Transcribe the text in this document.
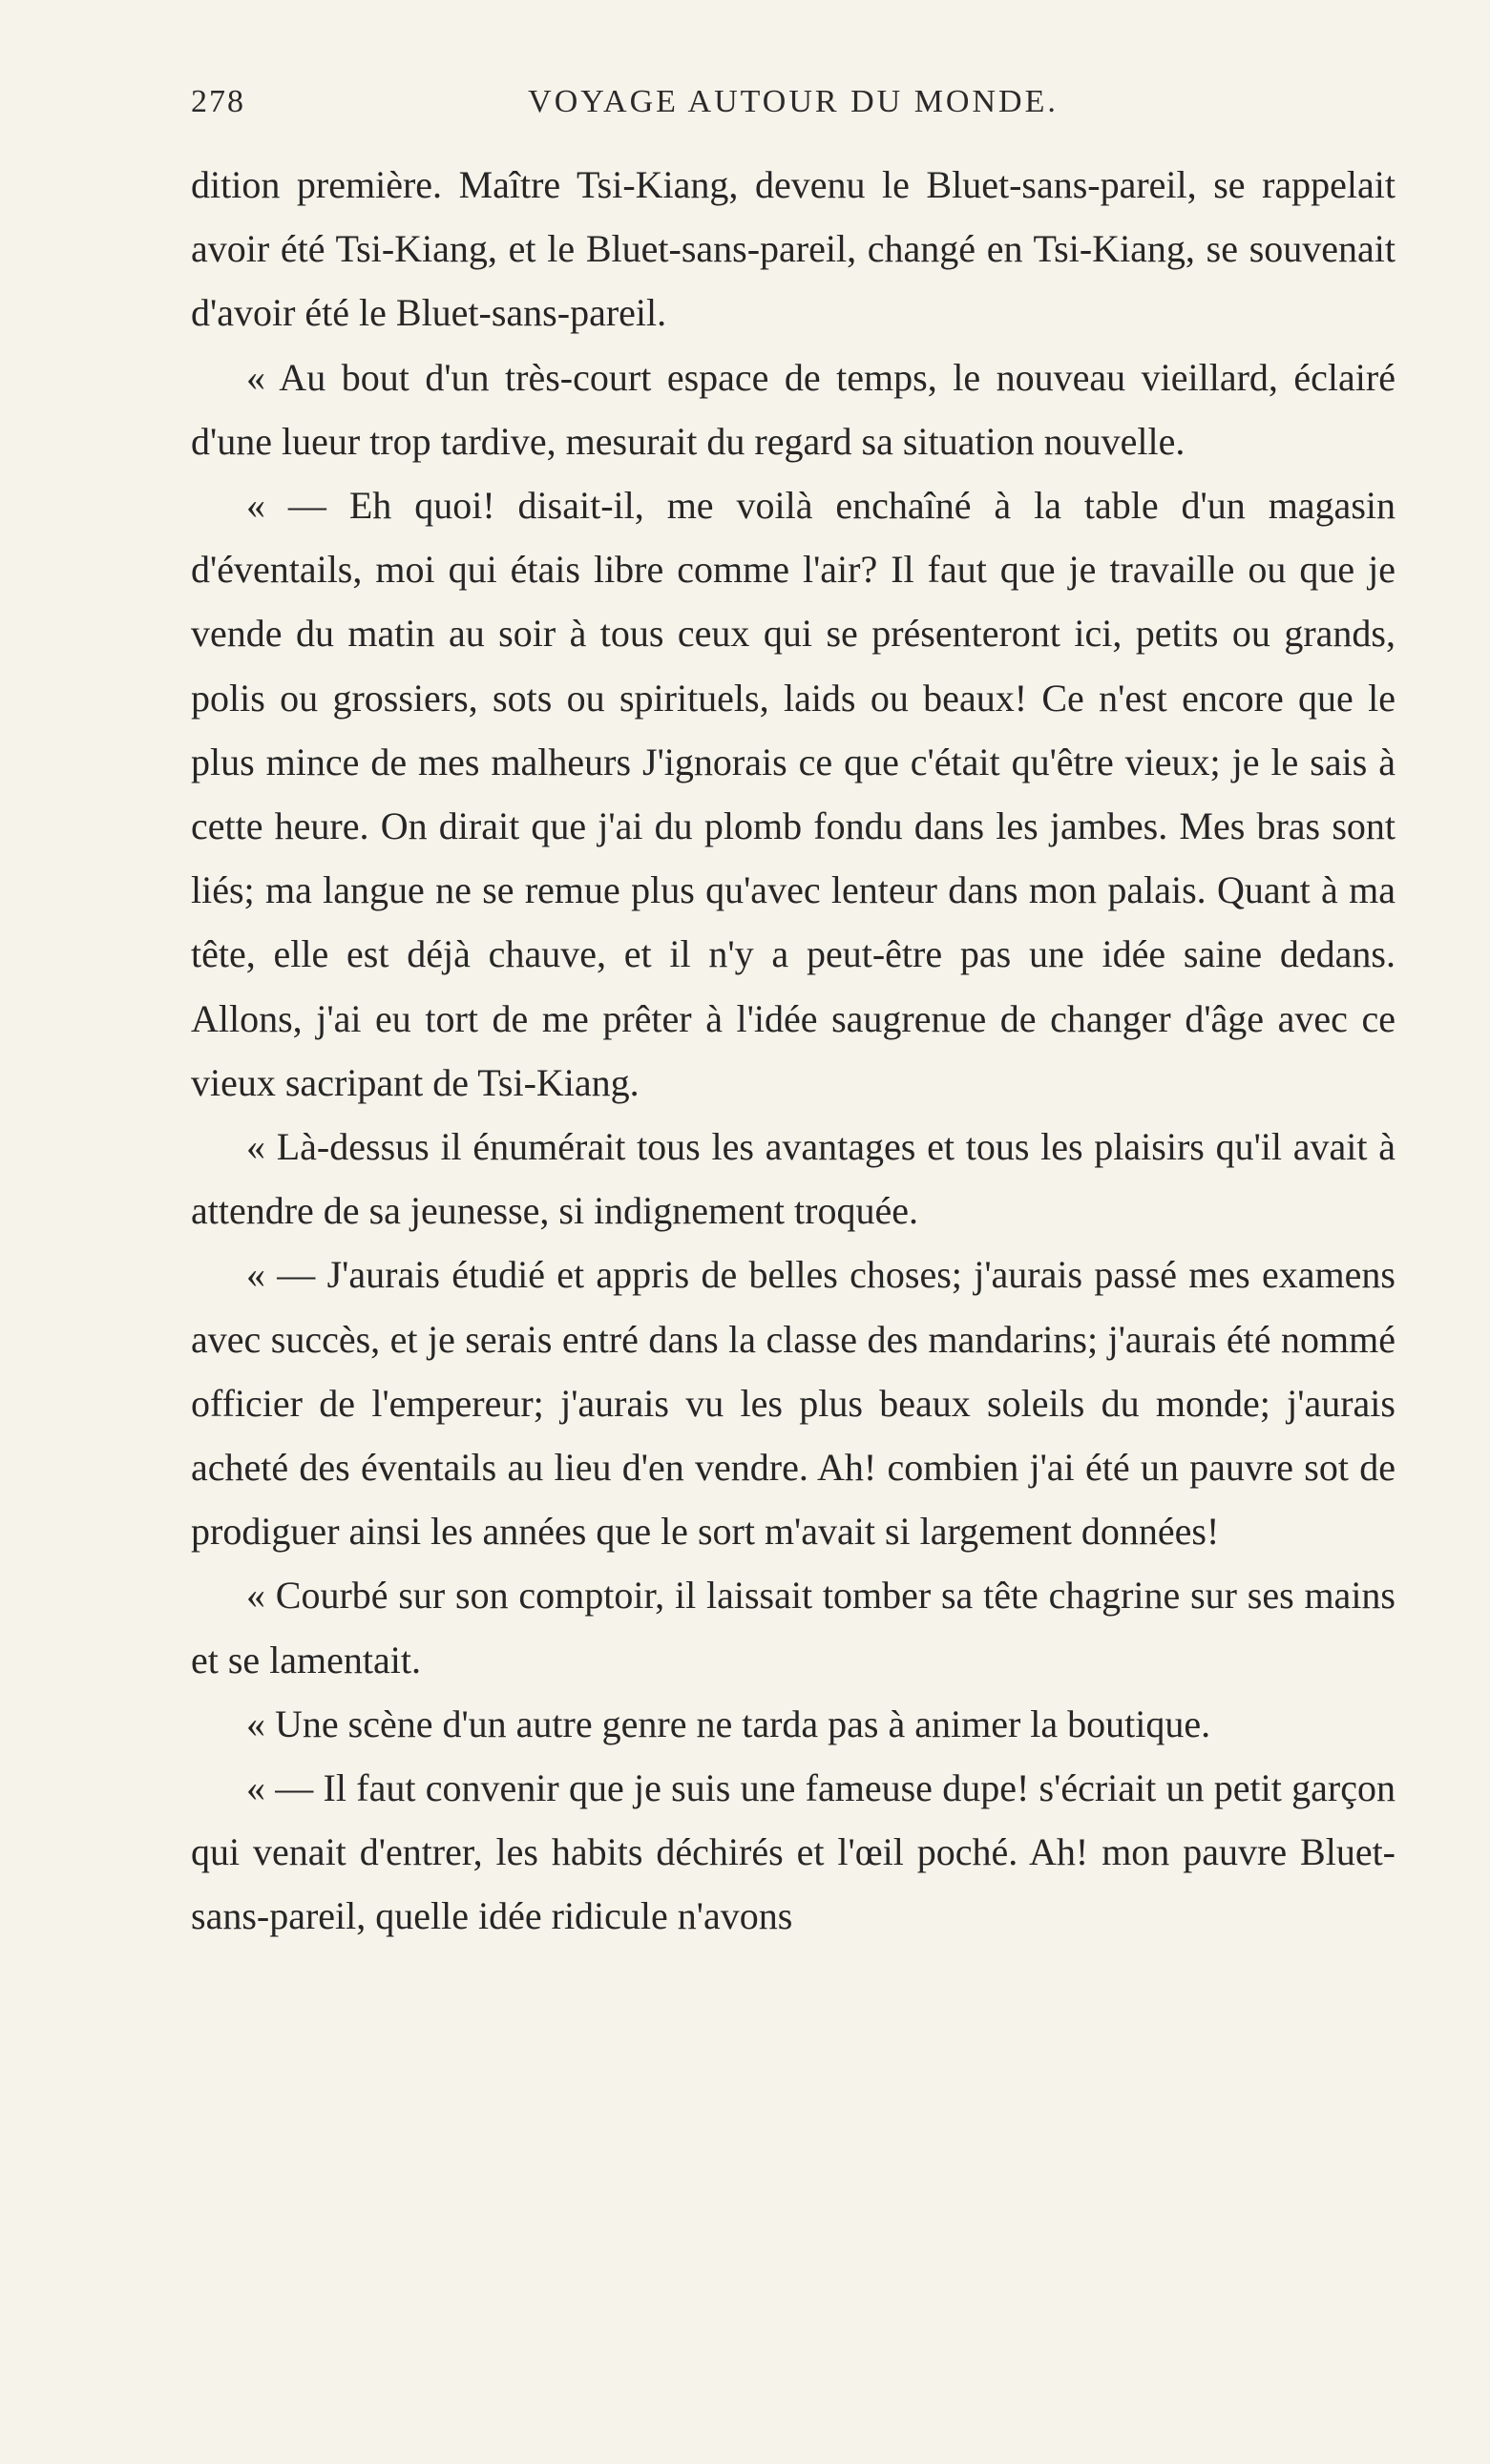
278	VOYAGE AUTOUR DU MONDE.

dition première. Maître Tsi-Kiang, devenu le Bluet-sans-pareil, se rappelait avoir été Tsi-Kiang, et le Bluet-sans-pareil, changé en Tsi-Kiang, se souvenait d'avoir été le Bluet-sans-pareil.

« Au bout d'un très-court espace de temps, le nouveau vieillard, éclairé d'une lueur trop tardive, mesurait du regard sa situation nouvelle.

« — Eh quoi! disait-il, me voilà enchaîné à la table d'un magasin d'éventails, moi qui étais libre comme l'air? Il faut que je travaille ou que je vende du matin au soir à tous ceux qui se présenteront ici, petits ou grands, polis ou grossiers, sots ou spirituels, laids ou beaux! Ce n'est encore que le plus mince de mes malheurs J'ignorais ce que c'était qu'être vieux; je le sais à cette heure. On dirait que j'ai du plomb fondu dans les jambes. Mes bras sont liés; ma langue ne se remue plus qu'avec lenteur dans mon palais. Quant à ma tête, elle est déjà chauve, et il n'y a peut-être pas une idée saine dedans. Allons, j'ai eu tort de me prêter à l'idée saugrenue de changer d'âge avec ce vieux sacripant de Tsi-Kiang.

« Là-dessus il énumérait tous les avantages et tous les plaisirs qu'il avait à attendre de sa jeunesse, si indignement troquée.

« — J'aurais étudié et appris de belles choses; j'aurais passé mes examens avec succès, et je serais entré dans la classe des mandarins; j'aurais été nommé officier de l'empereur; j'aurais vu les plus beaux soleils du monde; j'aurais acheté des éventails au lieu d'en vendre. Ah! combien j'ai été un pauvre sot de prodiguer ainsi les années que le sort m'avait si largement données!

« Courbé sur son comptoir, il laissait tomber sa tête chagrine sur ses mains et se lamentait.

« Une scène d'un autre genre ne tarda pas à animer la boutique.

« — Il faut convenir que je suis une fameuse dupe! s'écriait un petit garçon qui venait d'entrer, les habits déchirés et l'œil poché. Ah! mon pauvre Bluet-sans-pareil, quelle idée ridicule n'avons
